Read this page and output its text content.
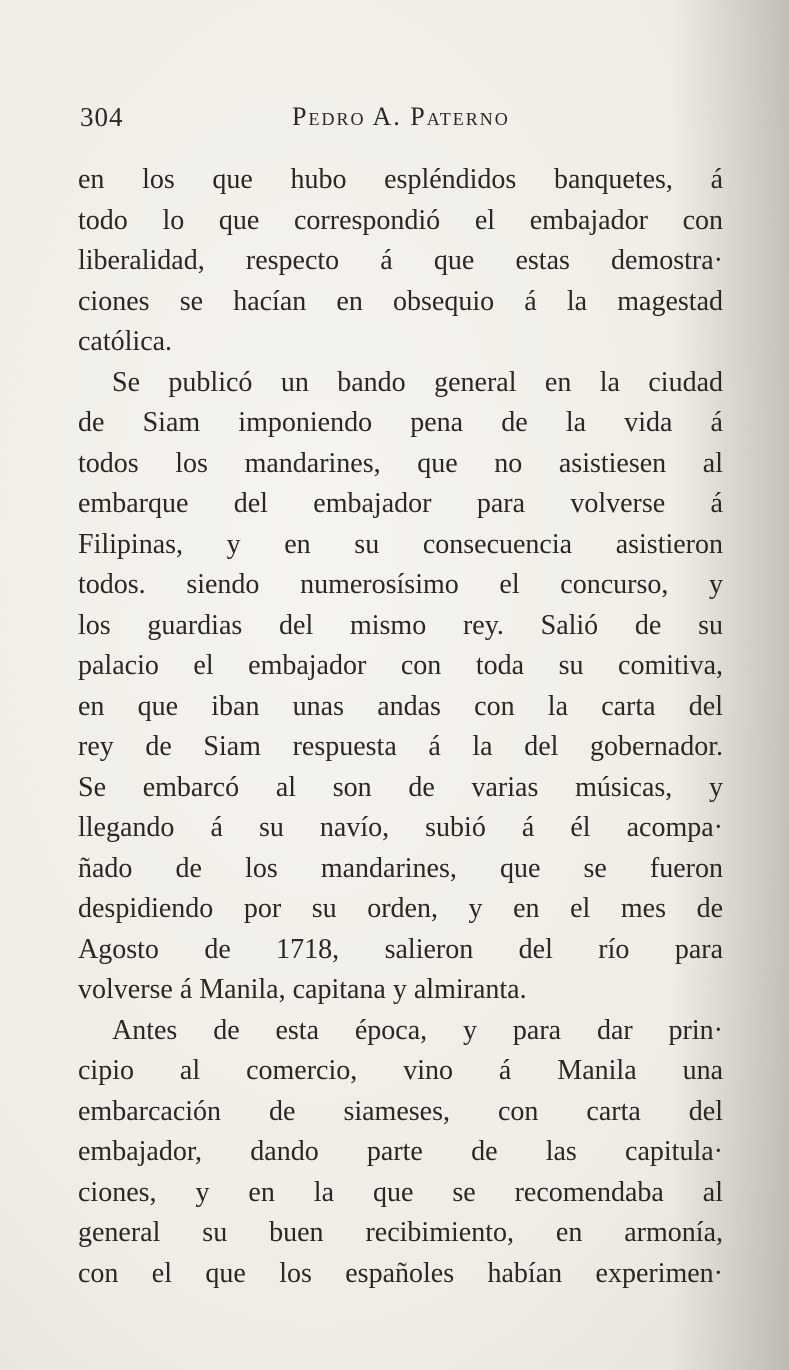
304	Pedro A. Paterno
en los que hubo espléndidos banquetes, á
todo lo que correspondió el embajador con
liberalidad, respecto á que estas demostra·
ciones se hacían en obsequio á la magestad
católica.
Se publicó un bando general en la ciudad
de Siam imponiendo pena de la vida á
todos los mandarines, que no asistiesen al
embarque del embajador para volverse á
Filipinas, y en su consecuencia asistieron
todos. siendo numerosísimo el concurso, y
los guardias del mismo rey. Salió de su
palacio el embajador con toda su comitiva,
en que iban unas andas con la carta del
rey de Siam respuesta á la del gobernador.
Se embarcó al son de varias músicas, y
llegando á su navío, subió á él acompa·
ñado de los mandarines, que se fueron
despidiendo por su orden, y en el mes de
Agosto de 1718, salieron del río para
volverse á Manila, capitana y almiranta.
Antes de esta época, y para dar prin·
cipio al comercio, vino á Manila una
embarcación de siameses, con carta del
embajador, dando parte de las capitula·
ciones, y en la que se recomendaba al
general su buen recibimiento, en armonía,
con el que los españoles habían experimen·
